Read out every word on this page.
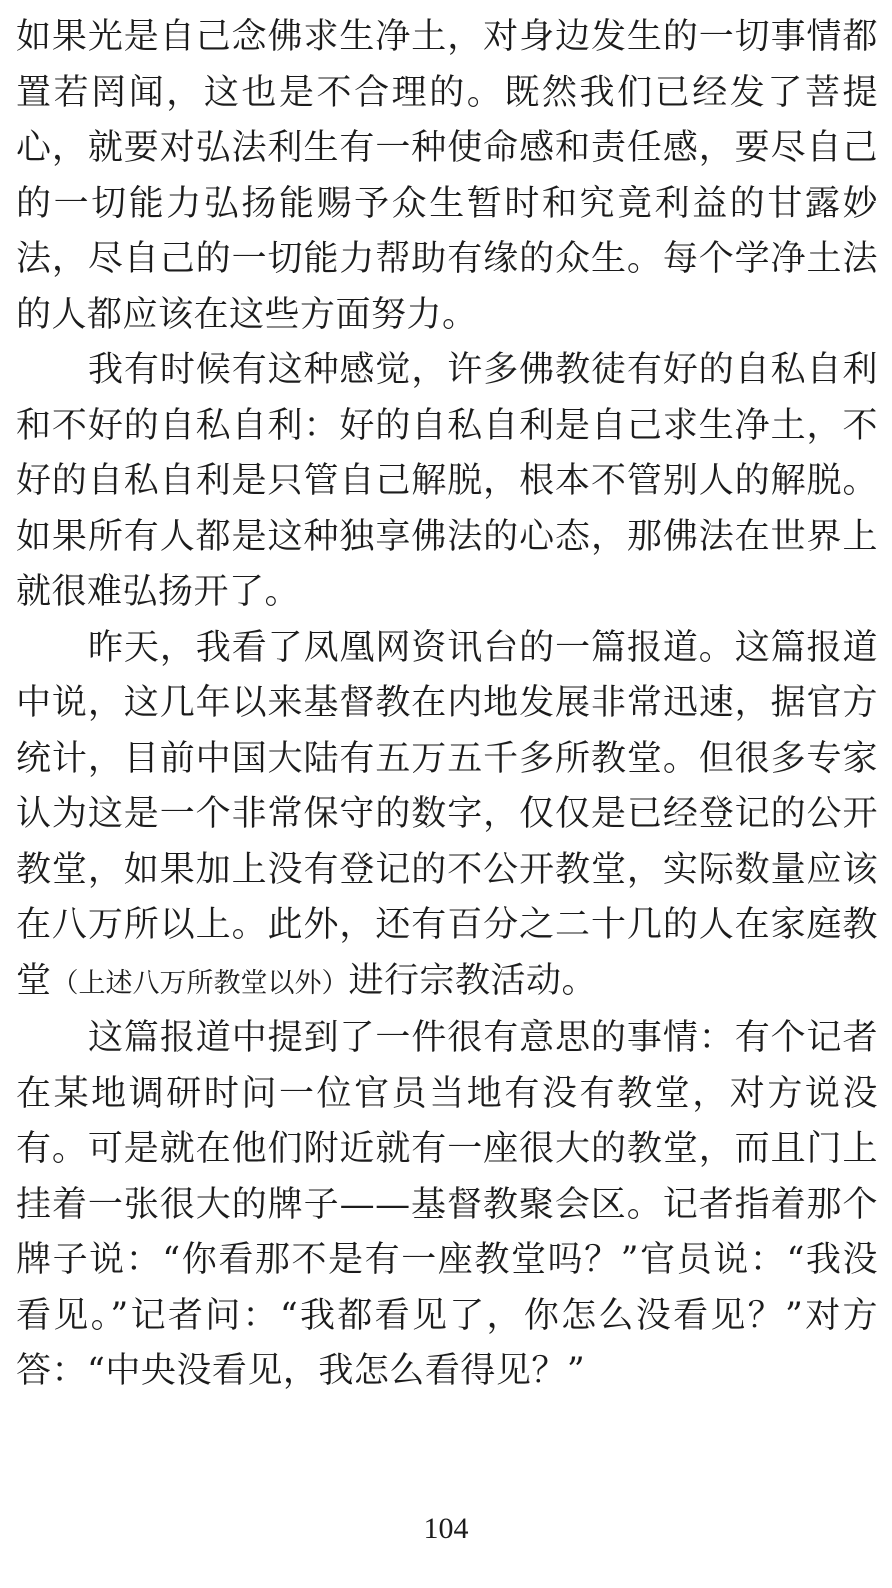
如果光是自己念佛求生净土，对身边发生的一切事情都置若罔闻，这也是不合理的。既然我们已经发了菩提心，就要对弘法利生有一种使命感和责任感，要尽自己的一切能力弘扬能赐予众生暂时和究竟利益的甘露妙法，尽自己的一切能力帮助有缘的众生。每个学净土法的人都应该在这些方面努力。

我有时候有这种感觉，许多佛教徒有好的自私自利和不好的自私自利：好的自私自利是自己求生净土，不好的自私自利是只管自己解脱，根本不管别人的解脱。如果所有人都是这种独享佛法的心态，那佛法在世界上就很难弘扬开了。

昨天，我看了凤凰网资讯台的一篇报道。这篇报道中说，这几年以来基督教在内地发展非常迅速，据官方统计，目前中国大陆有五万五千多所教堂。但很多专家认为这是一个非常保守的数字，仅仅是已经登记的公开教堂，如果加上没有登记的不公开教堂，实际数量应该在八万所以上。此外，还有百分之二十几的人在家庭教堂（上述八万所教堂以外）进行宗教活动。

这篇报道中提到了一件很有意思的事情：有个记者在某地调研时问一位官员当地有没有教堂，对方说没有。可是就在他们附近就有一座很大的教堂，而且门上挂着一张很大的牌子——基督教聚会区。记者指着那个牌子说：“你看那不是有一座教堂吗？”官员说：“我没看见。”记者问：“我都看见了，你怎么没看见？”对方答：“中央没看见，我怎么看得见？”

104
